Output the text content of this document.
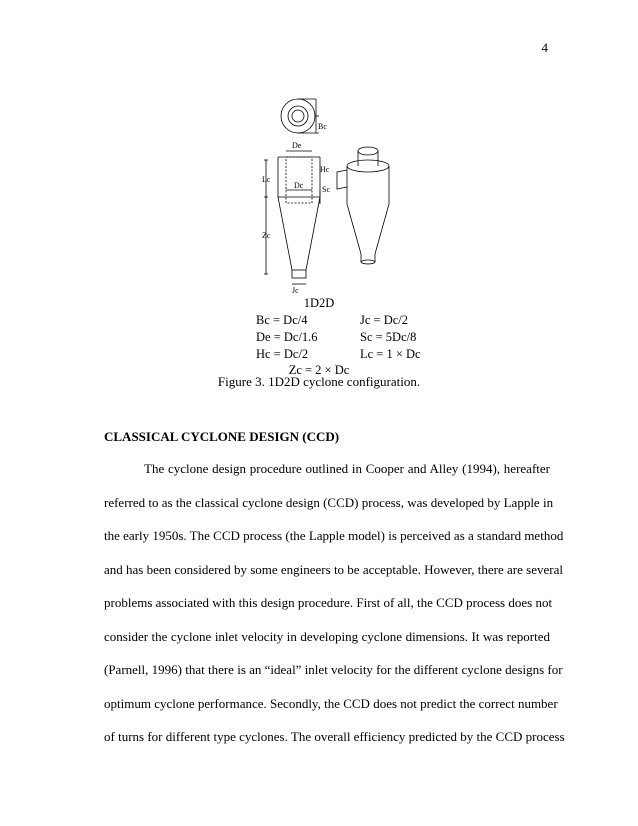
4
Bc
De
Hc
Lc
Sc
Dc
Zc
Jc
1D2D
Bc = Dc/4	Jc = Dc/2
De = Dc/1.6	Sc = 5Dc/8
Hc = Dc/2	Lc = 1 × Dc
Zc = 2 × Dc
Figure 3. 1D2D cyclone configuration.
CLASSICAL CYCLONE DESIGN (CCD)
The cyclone design procedure outlined in Cooper and Alley (1994), hereafter
referred to as the classical cyclone design (CCD) process, was developed by Lapple in
the early 1950s. The CCD process (the Lapple model) is perceived as a standard method
and has been considered by some engineers to be acceptable. However, there are several
problems associated with this design procedure. First of all, the CCD process does not
consider the cyclone inlet velocity in developing cyclone dimensions. It was reported
(Parnell, 1996) that there is an “ideal” inlet velocity for the different cyclone designs for
optimum cyclone performance. Secondly, the CCD does not predict the correct number
of turns for different type cyclones. The overall efficiency predicted by the CCD process
